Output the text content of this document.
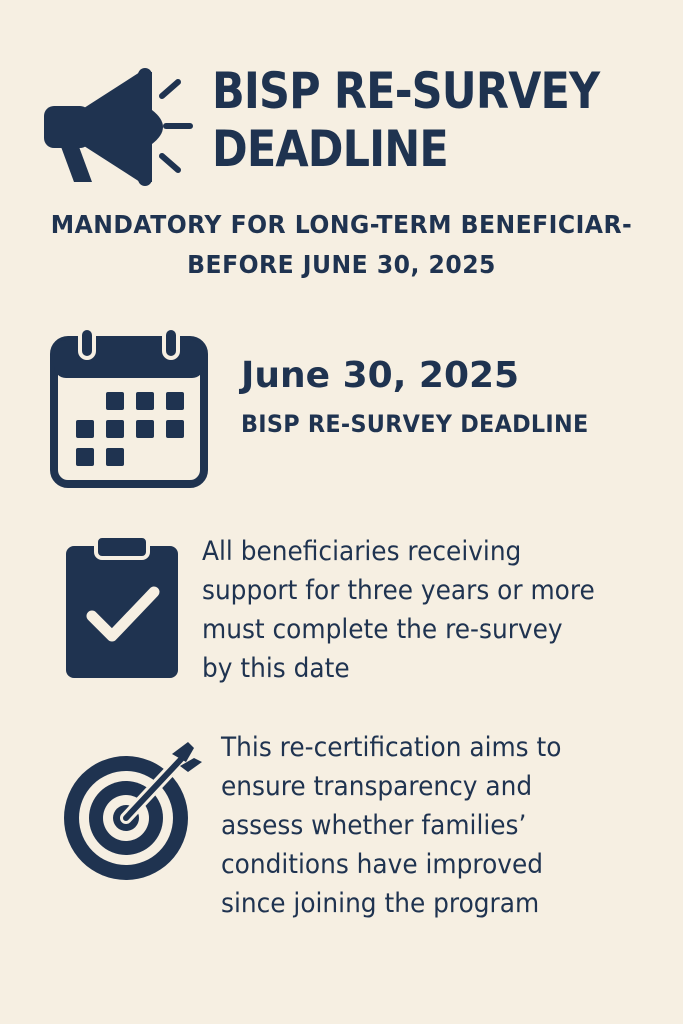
BISP RE-SURVEY
DEADLINE
MANDATORY FOR LONG-TERM BENEFICIAR-
BEFORE JUNE 30, 2025
June 30, 2025
BISP RE-SURVEY DEADLINE
All beneficiaries receiving
support for three years or more
must complete the re-survey
by this date
This re-certification aims to
ensure transparency and
assess whether families’
conditions have improved
since joining the program
